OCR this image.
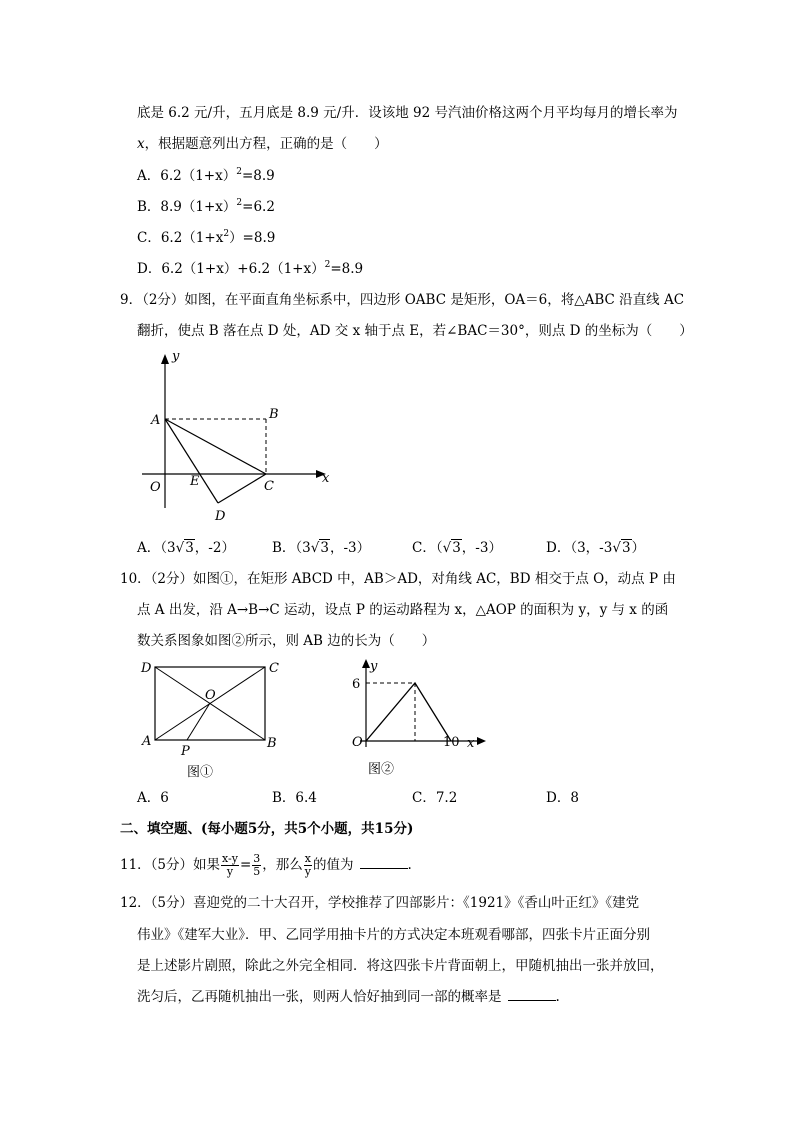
底是 6.2 元/升，五月底是 8.9 元/升．设该地 92 号汽油价格这两个月平均每月的增长率为
x，根据题意列出方程，正确的是（　　）
A．$6.2(1+x)^2=8.9$
B．$8.9(1+x)^2=6.2$
C．$6.2(1+x^2)=8.9$
D．$6.2(1+x)+6.2(1+x)^2=8.9$
9．（2分）如图，在平面直角坐标系中，四边形 OABC 是矩形，OA＝6，将△ABC 沿直线 AC
翻折，使点 B 落在点 D 处，AD 交 x 轴于点 E，若∠BAC＝30°，则点 D 的坐标为（　　）
y
x
A	B
O E	C
D
A．（3√3，-2）	B．（3√3，-3）	C．（√3，-3）	D．（3，-3√3）
10．（2分）如图①，在矩形 ABCD 中，AB＞AD，对角线 AC，BD 相交于点 O，动点 P 由
点 A 出发，沿 A→B→C 运动，设点 P 的运动路程为 x，△AOP 的面积为 y，y 与 x 的函
数关系图象如图②所示，则 AB 边的长为（　　）
D	C
O
A
P
B
图①
y
6
O	10 x
图②
A．6	B．6.4	C．7.2	D．8
二、填空题、(每小题5分，共5个小题，共15分)
11．（5分）如果 $\frac{x-y}{y} = \frac{3}{5}$ ，那么 $\frac{x}{y}$ 的值为	.
12．（5分）喜迎党的二十大召开，学校推荐了四部影片：《1921》《香山叶正红》《建党
伟业》《建军大业》．甲、乙同学用抽卡片的方式决定本班观看哪部，四张卡片正面分别
是上述影片剧照，除此之外完全相同．将这四张卡片背面朝上，甲随机抽出一张并放回，
洗匀后，乙再随机抽出一张，则两人恰好抽到同一部的概率是	.
